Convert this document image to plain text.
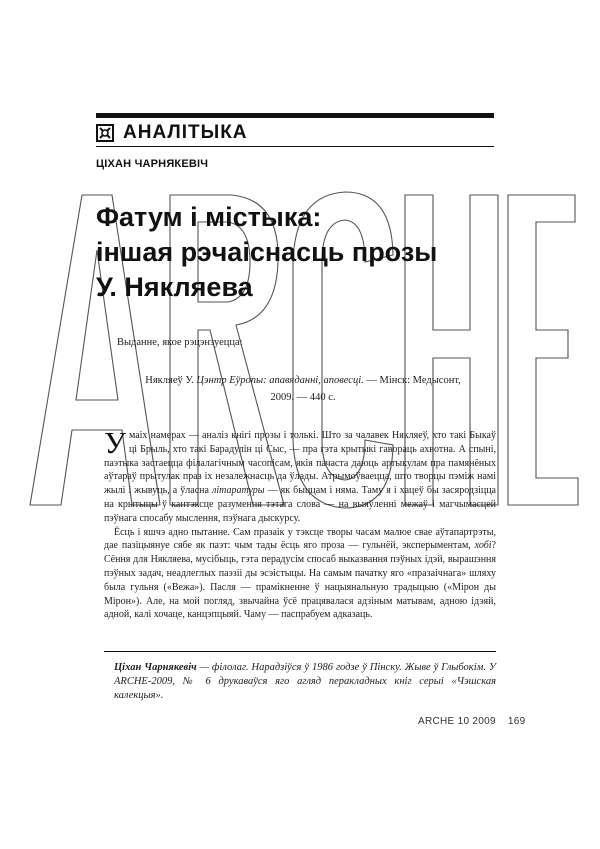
АНАЛІТЫКА
ЦІХАН ЧАРНЯКЕВІЧ
Фатум і містыка:
іншая рэчаіснасць прозы
У. Някляева
Выданне, якое рэцэнзуецца:
Някляеў У. Цэнтр Еўропы: апавяданні, аповесці. — Мінск: Медысонт,
2009. — 440 с.

У маіх намерах — аналіз кнігі прозы і толькі. Што за чалавек Някляеў, хто такі Быкаў ці Брыль, хто такі Барадулін ці Сыс, — пра гэта крытыкі гавораць ахвотна. А спыні, паэтыка застаецца філалагічным часопісам, якія пачаста даюць артыкулам пра памянёных аўтараў прытулак праз іх незалежнасць да ўлады. Атрымоўваецца, што творцы пэміж намі жылі і жывуць, а ўласна літаратуры — як быццам і няма. Таму я і хацеў бы засяродзіцца на крытыцы ў кантэксце разумення тэтага слова — на выяўленні межаў і магчымасцей пэўнага спосабу мыслення, пэўнага дыскурсу.

Ёсць і яшчэ адно пытанне. Сам празаік у тэксце творы часам малюе свае аўтапартрэты, дае пазіцыянуе сябе як паэт: чым тады ёсць яго проза — гульнёй, эксперыментам, хобі? Сёння для Някляева, мусібыць, гэта перадусім спосаб выказвання пэўных ідэй, вырашэння пэўных задач, неадлеглых паэзіі ды эсэістыцы. На самым пачатку яго «празаічнага» шляху была гульня («Вежа»). Пасля — прамікненне ў нацыянальную традыцыю («Мірон ды Мірон»). Але, на мой погляд, звычайна ўсё працявалася адзіным матывам, адною ідэяй, адной, калі хочаце, канцэпцыяй. Чаму — паспрабуем адказаць.

Ціхан Чарнякевіч — філолаг. Нарадзіўся ў 1986 годзе ў Пінску. Жыве ў Глыбокім. У ARCHE-2009, № 6 друкаваўся яго агляд перакладных кніг серыі «Чэшская калекцыя».
ARCHE 10 2009 169
